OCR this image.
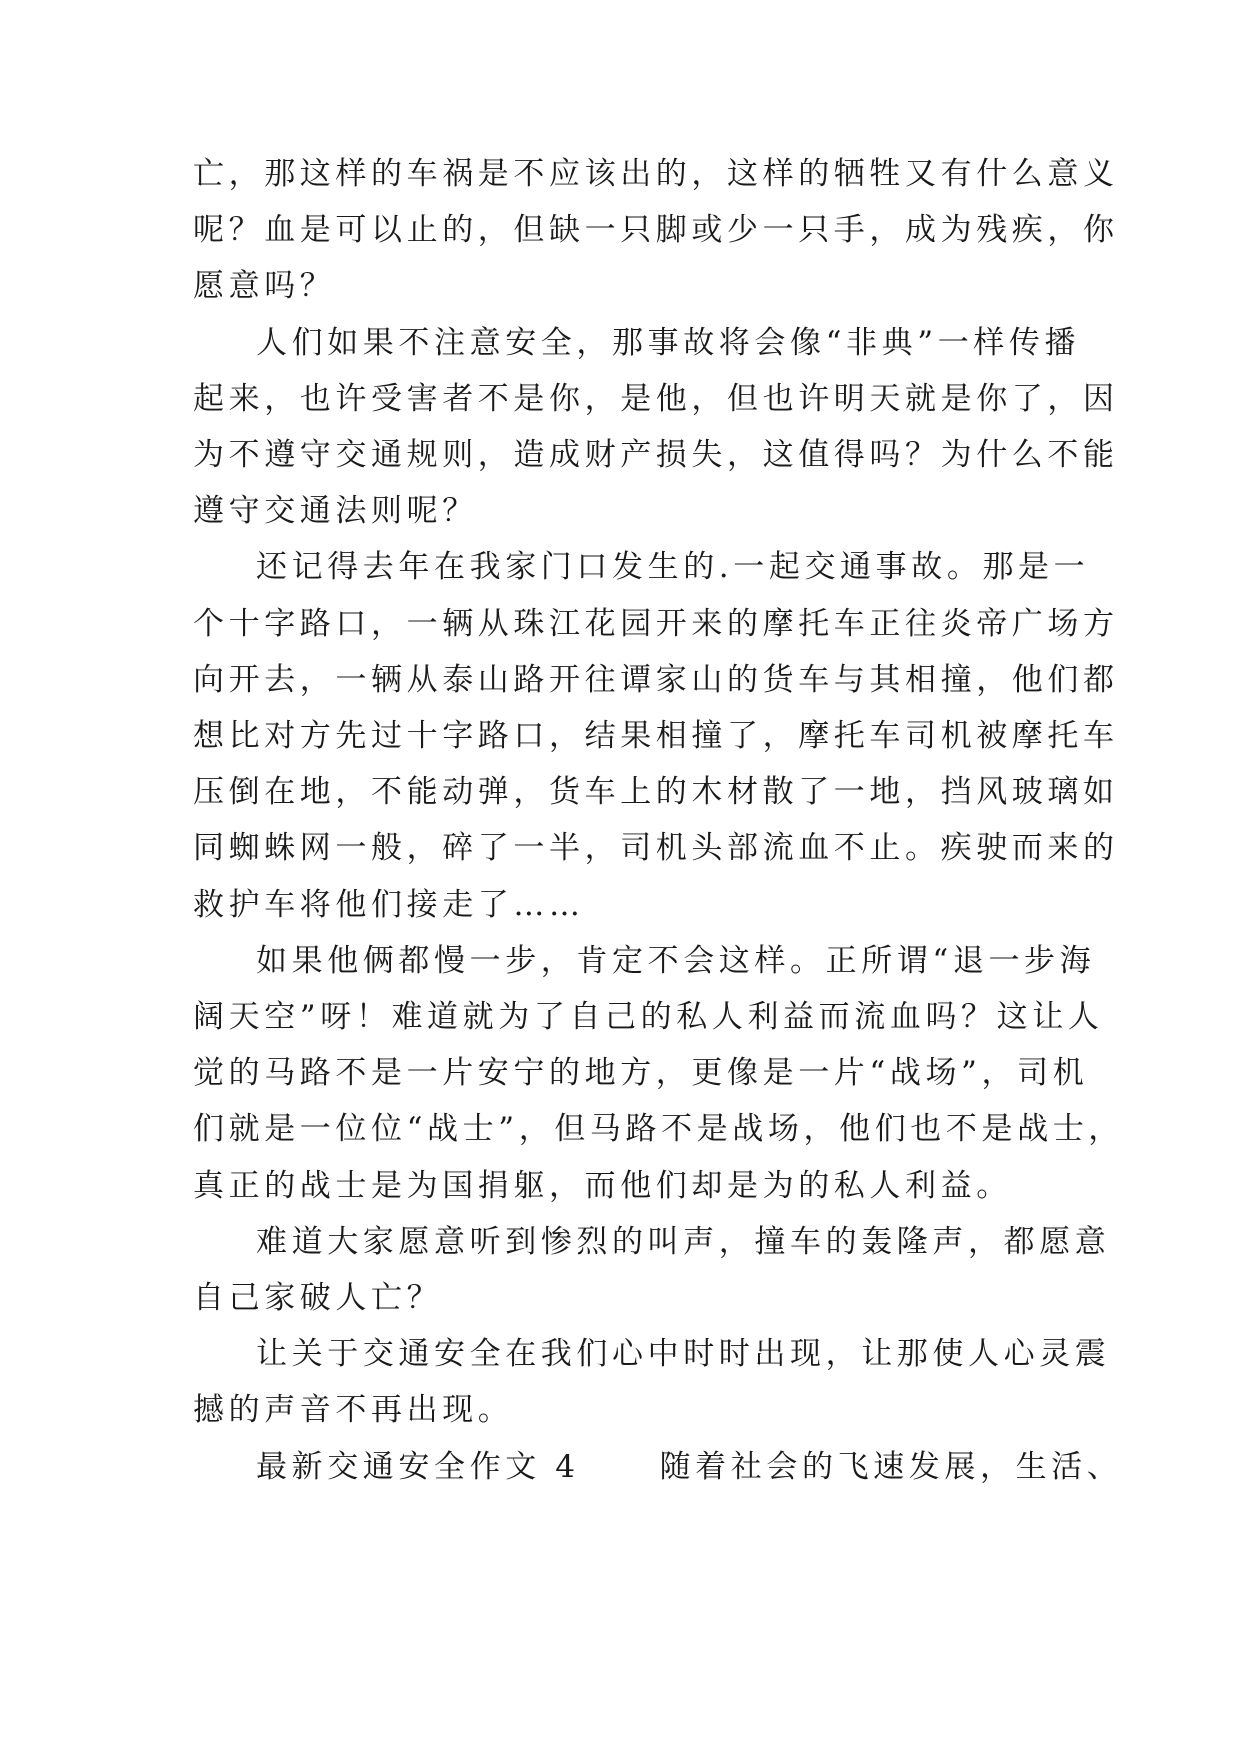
亡，那这样的车祸是不应该出的，这样的牺牲又有什么意义
呢？血是可以止的，但缺一只脚或少一只手，成为残疾，你
愿意吗？
人们如果不注意安全，那事故将会像“非典”一样传播
起来，也许受害者不是你，是他，但也许明天就是你了，因
为不遵守交通规则，造成财产损失，这值得吗？为什么不能
遵守交通法则呢？
还记得去年在我家门口发生的.一起交通事故。那是一
个十字路口，一辆从珠江花园开来的摩托车正往炎帝广场方
向开去，一辆从泰山路开往谭家山的货车与其相撞，他们都
想比对方先过十字路口，结果相撞了，摩托车司机被摩托车
压倒在地，不能动弹，货车上的木材散了一地，挡风玻璃如
同蜘蛛网一般，碎了一半，司机头部流血不止。疾驶而来的
救护车将他们接走了……
如果他俩都慢一步，肯定不会这样。正所谓“退一步海
阔天空”呀！难道就为了自己的私人利益而流血吗？这让人
觉的马路不是一片安宁的地方，更像是一片“战场”，司机
们就是一位位“战士”，但马路不是战场，他们也不是战士，
真正的战士是为国捐躯，而他们却是为的私人利益。
难道大家愿意听到惨烈的叫声，撞车的轰隆声，都愿意
自己家破人亡？
让关于交通安全在我们心中时时出现，让那使人心灵震
撼的声音不再出现。
最新交通安全作文 4	随着社会的飞速发展，生活、
